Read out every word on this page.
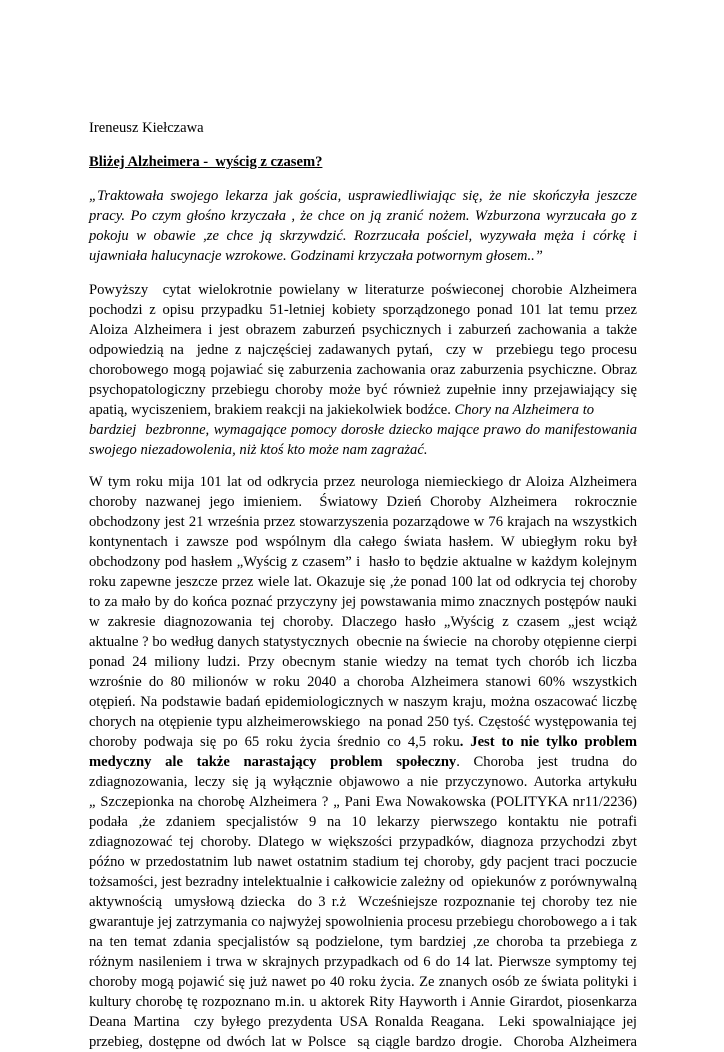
Ireneusz Kiełczawa
Bliżej Alzheimera -  wyścig z czasem?
„Traktowała swojego lekarza jak gościa, usprawiedliwiając się, że nie skończyła jeszcze
pracy. Po czym głośno krzyczała , że chce on ją zranić nożem. Wzburzona wyrzucała go z
pokoju w obawie ,ze chce ją skrzywdzić. Rozrzucała pościel, wyzywała męża i córkę i
ujawniała halucynacje wzrokowe. Godzinami krzyczała potwornym głosem..”
Powyższy  cytat wielokrotnie powielany w literaturze poświeconej chorobie Alzheimera
pochodzi z opisu przypadku 51-letniej kobiety sporządzonego ponad 101 lat temu przez
Aloiza Alzheimera i jest obrazem zaburzeń psychicznych i zaburzeń zachowania a także
odpowiedzią na  jedne z najczęściej zadawanych pytań,  czy w  przebiegu tego procesu
chorobowego mogą pojawiać się zaburzenia zachowania oraz zaburzenia psychiczne. Obraz
psychopatologiczny przebiegu choroby może być również zupełnie inny przejawiający się
apatią, wyciszeniem, brakiem reakcji na jakiekolwiek bodźce. Chory na Alzheimera to
bardziej  bezbronne, wymagające pomocy dorosłe dziecko mające prawo do manifestowania
swojego niezadowolenia, niż ktoś kto może nam zagrażać.
W tym roku mija 101 lat od odkrycia przez neurologa niemieckiego dr Aloiza Alzheimera
choroby nazwanej jego imieniem.  Światowy Dzień Choroby Alzheimera  rokrocznie
obchodzony jest 21 września przez stowarzyszenia pozarządowe w 76 krajach na wszystkich
kontynentach i zawsze pod wspólnym dla całego świata hasłem. W ubiegłym roku był
obchodzony pod hasłem „Wyścig z czasem” i  hasło to będzie aktualne w każdym kolejnym
roku zapewne jeszcze przez wiele lat. Okazuje się ,że ponad 100 lat od odkrycia tej choroby
to za mało by do końca poznać przyczyny jej powstawania mimo znacznych postępów nauki
w zakresie diagnozowania tej choroby. Dlaczego hasło „Wyścig z czasem „jest wciąż
aktualne ? bo według danych statystycznych  obecnie na świecie  na choroby otępienne cierpi
ponad 24 miliony ludzi. Przy obecnym stanie wiedzy na temat tych chorób ich liczba
wzrośnie do 80 milionów w roku 2040 a choroba Alzheimera stanowi 60% wszystkich
otępień. Na podstawie badań epidemiologicznych w naszym kraju, można oszacować liczbę
chorych na otępienie typu alzheimerowskiego  na ponad 250 tyś. Częstość występowania tej
choroby podwaja się po 65 roku życia średnio co 4,5 roku. Jest to nie tylko problem
medyczny ale także narastający problem społeczny. Choroba jest trudna do
zdiagnozowania, leczy się ją wyłącznie objawowo a nie przyczynowo. Autorka artykułu
„ Szczepionka na chorobę Alzheimera ? „ Pani Ewa Nowakowska (POLITYKA nr11/2236)
podała ,że zdaniem specjalistów 9 na 10 lekarzy pierwszego kontaktu nie potrafi
zdiagnozować tej choroby. Dlatego w większości przypadków, diagnoza przychodzi zbyt
późno w przedostatnim lub nawet ostatnim stadium tej choroby, gdy pacjent traci poczucie
tożsamości, jest bezradny intelektualnie i całkowicie zależny od  opiekunów z porównywalną
aktywnością  umysłową dziecka  do 3 r.ż  Wcześniejsze rozpoznanie tej choroby tez nie
gwarantuje jej zatrzymania co najwyżej spowolnienia procesu przebiegu chorobowego a i tak
na ten temat zdania specjalistów są podzielone, tym bardziej ,ze choroba ta przebiega z
różnym nasileniem i trwa w skrajnych przypadkach od 6 do 14 lat. Pierwsze symptomy tej
choroby mogą pojawić się już nawet po 40 roku życia. Ze znanych osób ze świata polityki i
kultury chorobę tę rozpoznano m.in. u aktorek Rity Hayworth i Annie Girardot, piosenkarza
Deana Martina  czy byłego prezydenta USA Ronalda Reagana.  Leki spowalniające jej
przebieg, dostępne od dwóch lat w Polsce  są ciągle bardzo drogie.  Choroba Alzheimera
